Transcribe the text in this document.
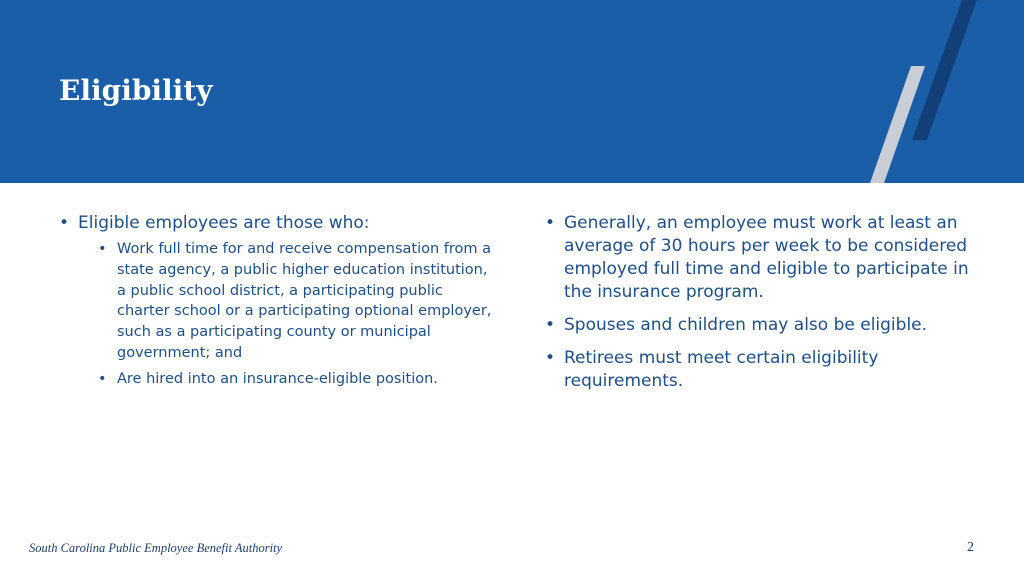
Eligibility
• Eligible employees are those who:
• Work full time for and receive compensation from a state agency, a public higher education institution, a public school district, a participating public charter school or a participating optional employer, such as a participating county or municipal government; and
• Are hired into an insurance-eligible position.
• Generally, an employee must work at least an average of 30 hours per week to be considered employed full time and eligible to participate in the insurance program.
• Spouses and children may also be eligible.
• Retirees must meet certain eligibility requirements.
South Carolina Public Employee Benefit Authority	2
